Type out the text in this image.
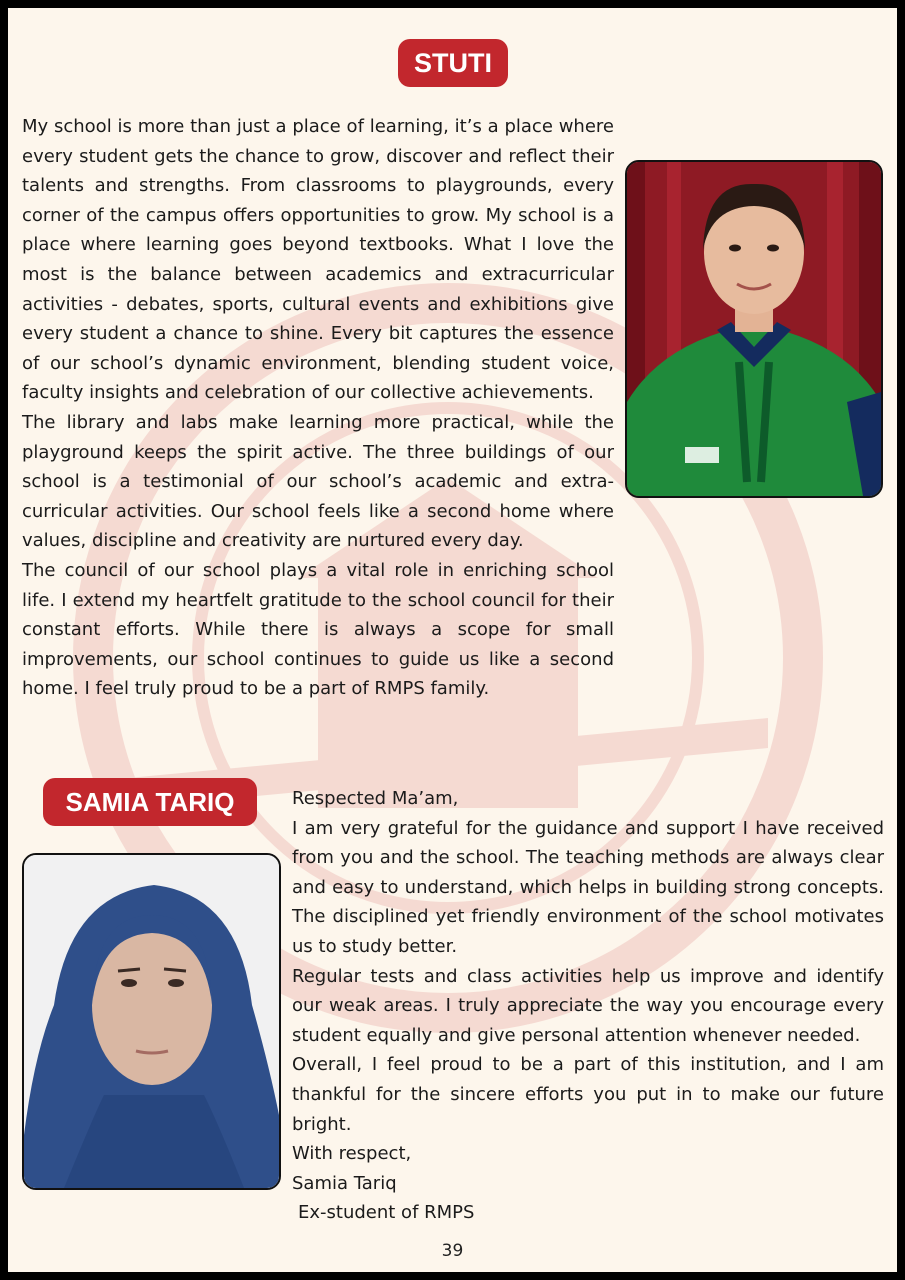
STUTI
My school is more than just a place of learning, it’s a place where every student gets the chance to grow, discover and reflect their talents and strengths. From classrooms to playgrounds, every corner of the campus offers opportunities to grow. My school is a place where learning goes beyond textbooks. What I love the most is the balance between academics and extracurricular activities - debates, sports, cultural events and exhibitions give every student a chance to shine. Every bit captures the essence of our school’s dynamic environment, blending student voice, faculty insights and celebration of our collective achievements.
The library and labs make learning more practical, while the playground keeps the spirit active. The three buildings of our school is a testimonial of our school’s academic and extra-curricular activities. Our school feels like a second home where values, discipline and creativity are nurtured every day.
The council of our school plays a vital role in enriching school life. I extend my heartfelt gratitude to the school council for their constant efforts. While there is always a scope for small improvements, our school continues to guide us like a second home. I feel truly proud to be a part of RMPS family.
SAMIA TARIQ	Respected Ma’am,
I am very grateful for the guidance and support I have received from you and the school. The teaching methods are always clear and easy to understand, which helps in building strong concepts. The disciplined yet friendly environment of the school motivates us to study better.
Regular tests and class activities help us improve and identify our weak areas. I truly appreciate the way you encourage every student equally and give personal attention whenever needed.
Overall, I feel proud to be a part of this institution, and I am thankful for the sincere efforts you put in to make our future bright.
With respect,
Samia Tariq
Ex-student of RMPS
39
